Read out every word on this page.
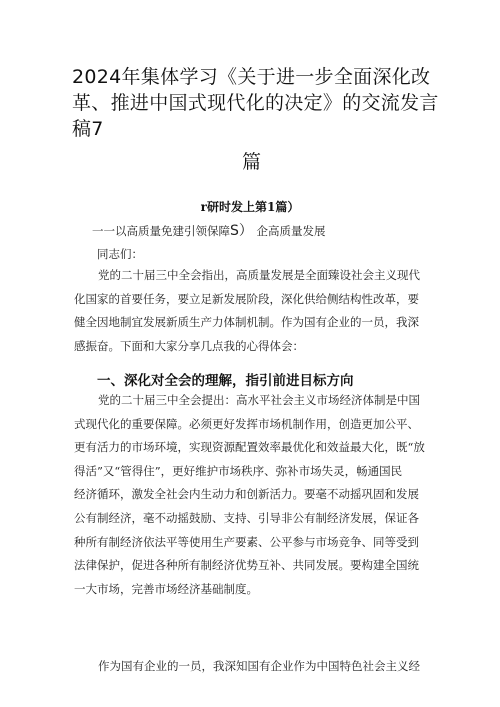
2024年集体学习《关于进一步全面深化改
革、推进中国式现代化的决定》的交流发言
稿7
篇
r研时发上第1篇）
一一以高质量免建引领保障S） 企高质量发展
同志们：
党的二十届三中全会指出，高质量发展是全面臻设社会主义现代
化国家的首要任务，要立足新发展阶段，深化供给侧结构性改革，要
健全因地制宜发展新质生产力体制机制。作为国有企业的一员，我深
感振奋。下面和大家分享几点我的心得体会：
一、深化对全会的理解，指引前进目标方向
党的二十届三中全会提出：高水平社会主义市场经济体制是中国
式现代化的重要保障。必须更好发挥市场机制作用，创造更加公平、
更有活力的市场环境，实现资源配置效率最优化和效益最大化，既“放
得活”又“管得住”，更好维护市场秩序、弥补市场失灵，畅通国民
经济循环，激发全社会内生动力和创新活力。要毫不动摇巩固和发展
公有制经济，毫不动摇鼓励、支持、引导非公有制经济发展，保证各
种所有制经济依法平等使用生产要素、公平参与市场竞争、同等受到
法律保护，促进各种所有制经济优势互补、共同发展。要构建全国统
一大市场，完善市场经济基础制度。
作为国有企业的一员，我深知国有企业作为中国特色社会主义经
